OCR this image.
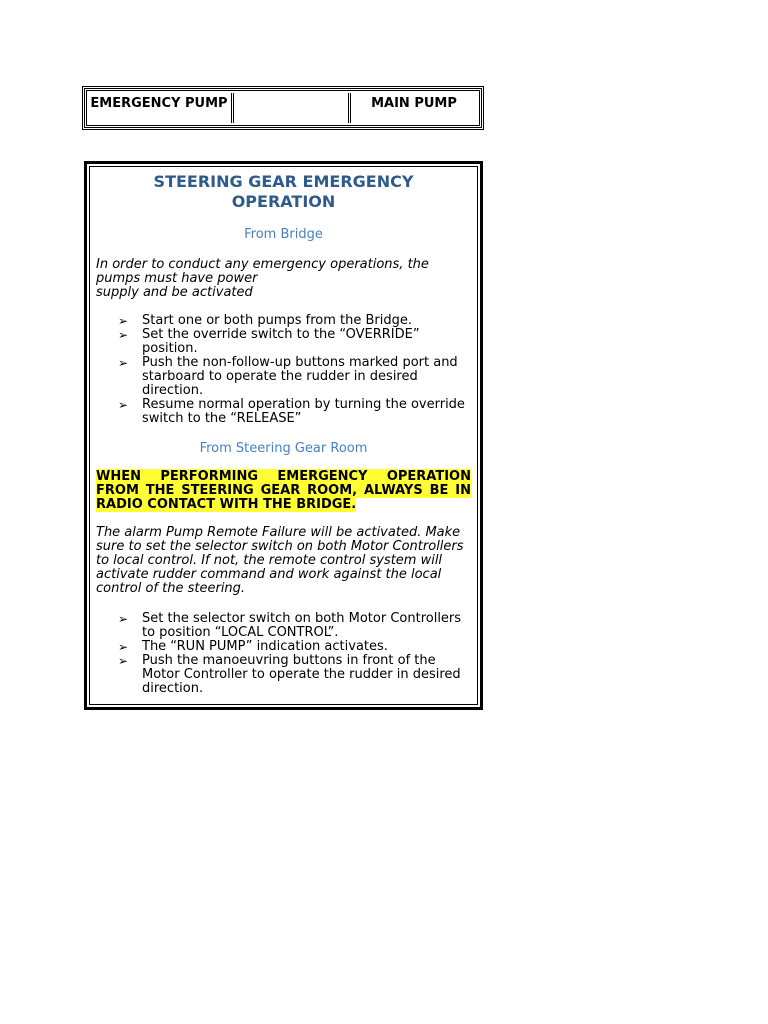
EMERGENCY PUMP	MAIN PUMP
STEERING GEAR EMERGENCY OPERATION
From Bridge
In order to conduct any emergency operations, the pumps must have power
supply and be activated
➢ Start one or both pumps from the Bridge.
➢ Set the override switch to the “OVERRIDE” position.
➢ Push the non-follow-up buttons marked port and starboard to operate the rudder in desired direction.
➢ Resume normal operation by turning the override switch to the “RELEASE”
From Steering Gear Room
WHEN PERFORMING EMERGENCY OPERATION FROM THE STEERING GEAR ROOM, ALWAYS BE IN RADIO CONTACT WITH THE BRIDGE.
The alarm Pump Remote Failure will be activated. Make sure to set the selector switch on both Motor Controllers to local control. If not, the remote control system will activate rudder command and work against the local control of the steering.
➢ Set the selector switch on both Motor Controllers to position “LOCAL CONTROL”.
➢ The “RUN PUMP” indication activates.
➢ Push the manoeuvring buttons in front of the Motor Controller to operate the rudder in desired direction.
